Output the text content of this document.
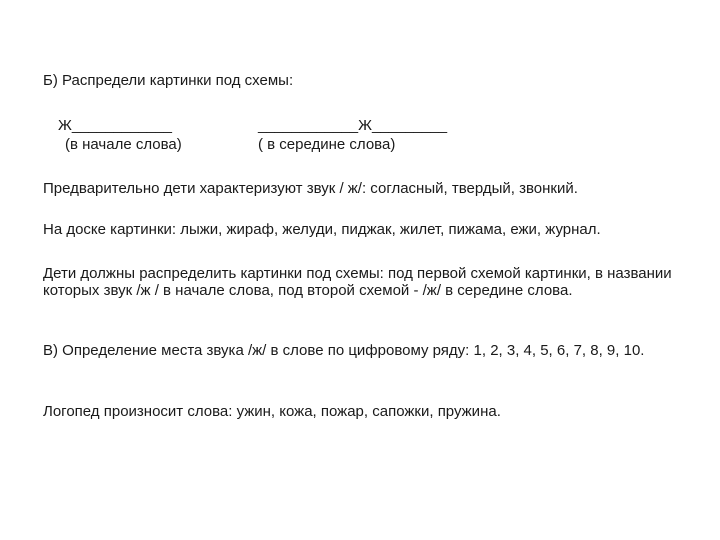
Б) Распредели картинки под схемы:
Ж____________
(в начале слова)
____________Ж_________
( в середине слова)
Предварительно дети характеризуют звук / ж/: согласный, твердый, звонкий.
На доске картинки: лыжи, жираф, желуди, пиджак, жилет, пижама, ежи, журнал.
Дети должны распределить картинки под схемы: под первой схемой картинки, в названии которых звук /ж / в начале слова, под второй схемой - /ж/ в середине слова.
В) Определение места звука /ж/ в слове по цифровому ряду: 1, 2, 3, 4, 5, 6, 7, 8, 9, 10.
Логопед произносит слова: ужин, кожа, пожар, сапожки, пружина.
